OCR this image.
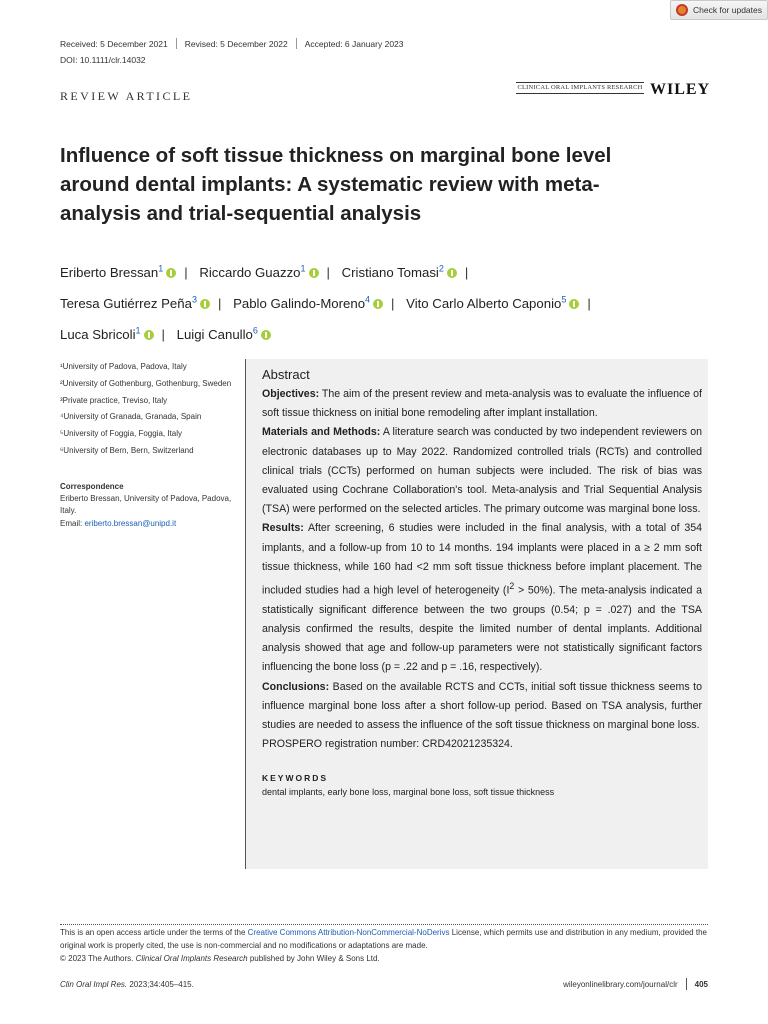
Check for updates
Received: 5 December 2021 Revised: 5 December 2022 Accepted: 6 January 2023
DOI: 10.1111/clr.14032
REVIEW ARTICLE
CLINICAL ORAL IMPLANTS RESEARCH WILEY
Influence of soft tissue thickness on marginal bone level around dental implants: A systematic review with meta-analysis and trial-sequential analysis
Eriberto Bressan$^1$ | Riccardo Guazzo$^1$ | Cristiano Tomasi$^2$ |
Teresa Gutiérrez Peña$^3$ | Pablo Galindo-Moreno$^4$ | Vito Carlo Alberto Caponio$^5$ |
Luca Sbricoli$^1$ | Luigi Canullo$^6$
¹University of Padova, Padova, Italy
²University of Gothenburg, Gothenburg, Sweden
³Private practice, Treviso, Italy
⁴University of Granada, Granada, Spain
⁵University of Foggia, Foggia, Italy
⁶University of Bern, Bern, Switzerland
Correspondence
Eriberto Bressan, University of Padova, Padova, Italy.
Email: eriberto.bressan@unipd.it
Abstract

Objectives: The aim of the present review and meta-analysis was to evaluate the influence of soft tissue thickness on initial bone remodeling after implant installation.

Materials and Methods: A literature search was conducted by two independent reviewers on electronic databases up to May 2022. Randomized controlled trials (RCTs) and controlled clinical trials (CCTs) performed on human subjects were included. The risk of bias was evaluated using Cochrane Collaboration's tool. Meta-analysis and Trial Sequential Analysis (TSA) were performed on the selected articles. The primary outcome was marginal bone loss.

Results: After screening, 6 studies were included in the final analysis, with a total of 354 implants, and a follow-up from 10 to 14 months. 194 implants were placed in a ≥ 2 mm soft tissue thickness, while 160 had <2 mm soft tissue thickness before implant placement. The included studies had a high level of heterogeneity $(I^2 > 50\%)$. The meta-analysis indicated a statistically significant difference between the two groups (0.54; p = .027) and the TSA analysis confirmed the results, despite the limited number of dental implants. Additional analysis showed that age and follow-up parameters were not statistically significant factors influencing the bone loss (p = .22 and p = .16, respectively).

Conclusions: Based on the available RCTS and CCTs, initial soft tissue thickness seems to influence marginal bone loss after a short follow-up period. Based on TSA analysis, further studies are needed to assess the influence of the soft tissue thickness on marginal bone loss.

PROSPERO registration number: CRD42021235324.

KEYWORDS
dental implants, early bone loss, marginal bone loss, soft tissue thickness
This is an open access article under the terms of the Creative Commons Attribution-NonCommercial-NoDerivs License, which permits use and distribution in any medium, provided the original work is properly cited, the use is non-commercial and no modifications or adaptations are made.
© 2023 The Authors. Clinical Oral Implants Research published by John Wiley & Sons Ltd.
Clin Oral Impl Res. 2023;34:405–415.	wileyonlinelibrary.com/journal/clr 405
